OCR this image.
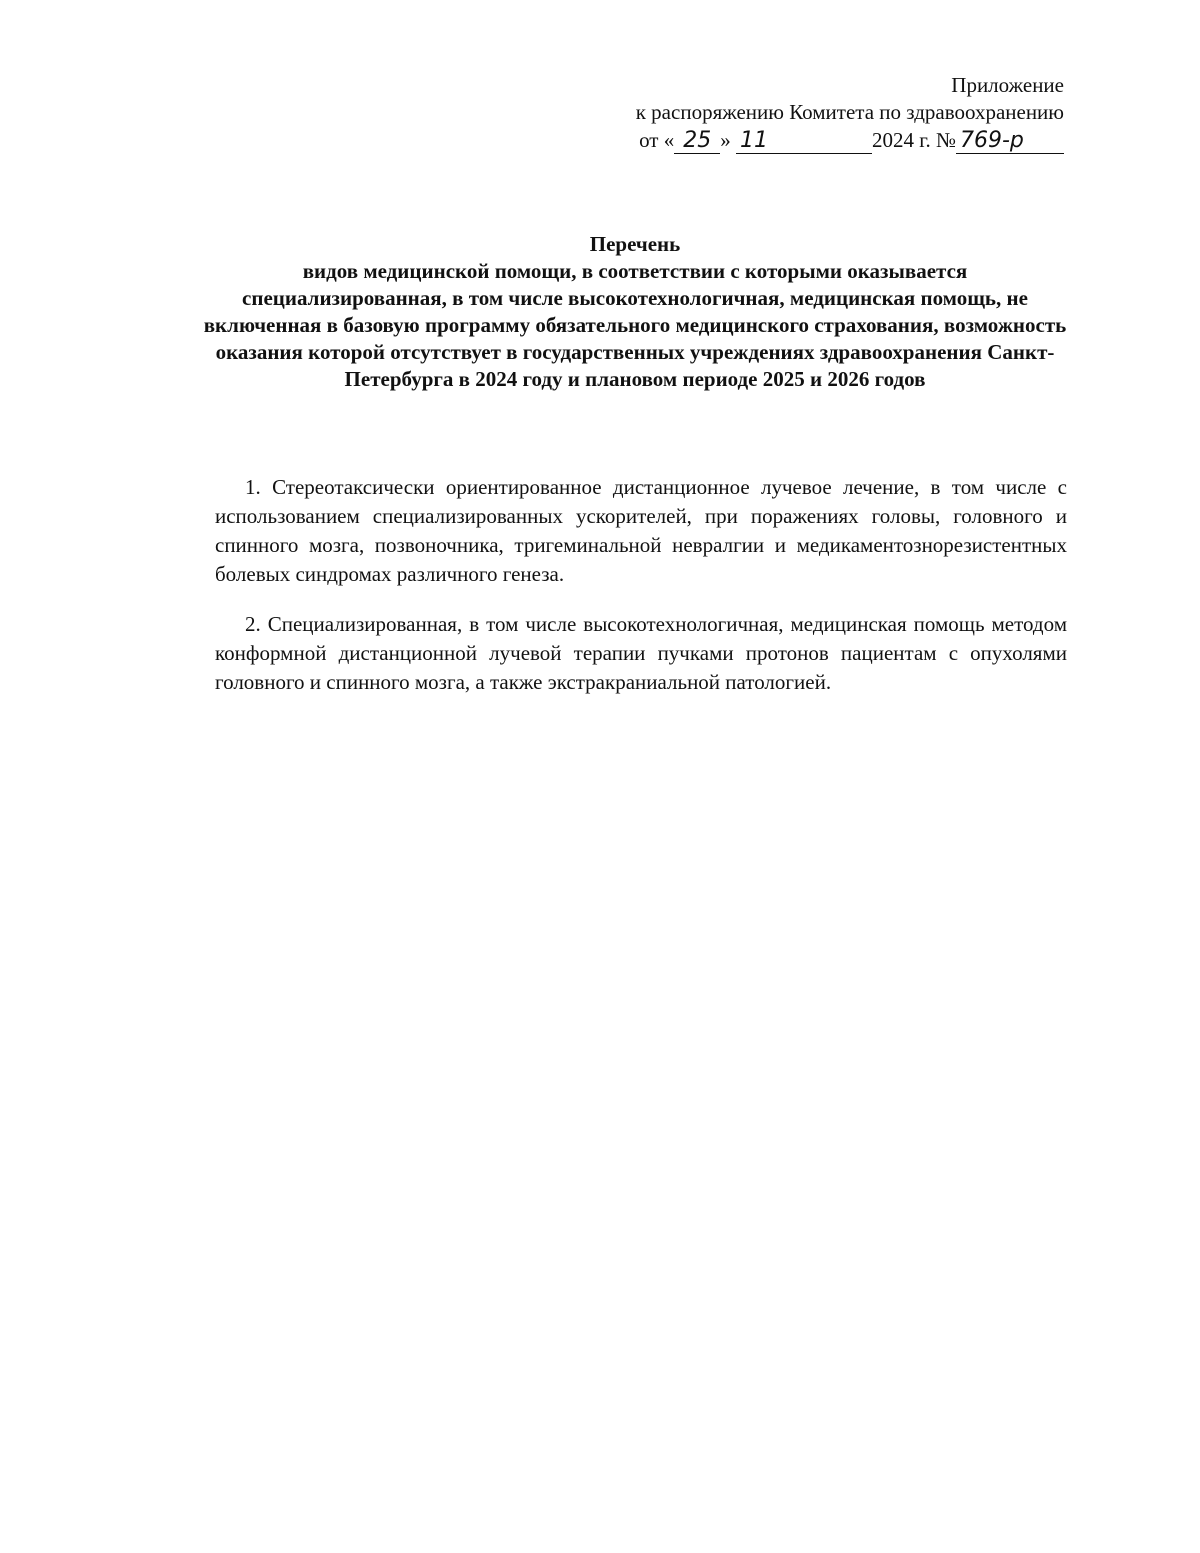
Приложение
к распоряжению Комитета по здравоохранению
от « 25 » 11	2024 г. № 769-р
Перечень
видов медицинской помощи, в соответствии с которыми оказывается специализированная, в том числе высокотехнологичная, медицинская помощь, не включенная в базовую программу обязательного медицинского страхования, возможность оказания которой отсутствует в государственных учреждениях здравоохранения Санкт-Петербурга в 2024 году и плановом периоде 2025 и 2026 годов

1. Стереотаксически ориентированное дистанционное лучевое лечение, в том числе с использованием специализированных ускорителей, при поражениях головы, головного и спинного мозга, позвоночника, тригеминальной невралгии и медикаментознорезистентных болевых синдромах различного генеза.

2. Специализированная, в том числе высокотехнологичная, медицинская помощь методом конформной дистанционной лучевой терапии пучками протонов пациентам с опухолями головного и спинного мозга, а также экстракраниальной патологией.
